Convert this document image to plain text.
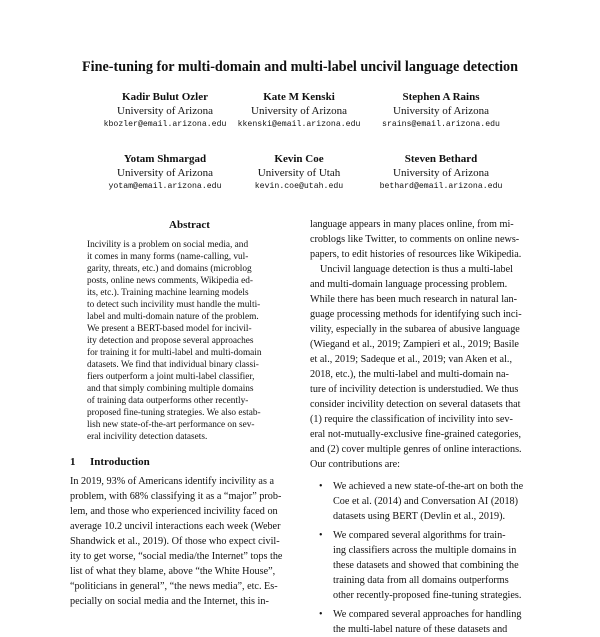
Fine-tuning for multi-domain and multi-label uncivil language detection
Kadir Bulut Ozler
University of Arizona
kbozler@email.arizona.edu
Kate M Kenski
University of Arizona
kkenski@email.arizona.edu
Stephen A Rains
University of Arizona
srains@email.arizona.edu
Yotam Shmargad
University of Arizona
yotam@email.arizona.edu
Kevin Coe
University of Utah
kevin.coe@utah.edu
Steven Bethard
University of Arizona
bethard@email.arizona.edu
Abstract
Incivility is a problem on social media, and
it comes in many forms (name-calling, vul-
garity, threats, etc.) and domains (microblog
posts, online news comments, Wikipedia ed-
its, etc.). Training machine learning models
to detect such incivility must handle the multi-
label and multi-domain nature of the problem.
We present a BERT-based model for incivil-
ity detection and propose several approaches
for training it for multi-label and multi-domain
datasets. We find that individual binary classi-
fiers outperform a joint multi-label classifier,
and that simply combining multiple domains
of training data outperforms other recently-
proposed fine-tuning strategies. We also estab-
lish new state-of-the-art performance on sev-
eral incivility detection datasets.
1 Introduction
In 2019, 93% of Americans identify incivility as a
problem, with 68% classifying it as a “major” prob-
lem, and those who experienced incivility faced on
average 10.2 uncivil interactions each week (Weber
Shandwick et al., 2019). Of those who expect civil-
ity to get worse, “social media/the Internet” tops the
list of what they blame, above “the White House”,
“politicians in general”, “the news media”, etc. Es-
pecially on social media and the Internet, this in-
language appears in many places online, from mi-
croblogs like Twitter, to comments on online news-
papers, to edit histories of resources like Wikipedia.
Uncivil language detection is thus a multi-label
and multi-domain language processing problem.
While there has been much research in natural lan-
guage processing methods for identifying such inci-
vility, especially in the subarea of abusive language
(Wiegand et al., 2019; Zampieri et al., 2019; Basile
et al., 2019; Sadeque et al., 2019; van Aken et al.,
2018, etc.), the multi-label and multi-domain na-
ture of incivility detection is understudied. We thus
consider incivility detection on several datasets that
(1) require the classification of incivility into sev-
eral not-mutually-exclusive fine-grained categories,
and (2) cover multiple genres of online interactions.
Our contributions are:
• We achieved a new state-of-the-art on both the
Coe et al. (2014) and Conversation AI (2018)
datasets using BERT (Devlin et al., 2019).
• We compared several algorithms for train-
ing classifiers across the multiple domains in
these datasets and showed that combining the
training data from all domains outperforms
other recently-proposed fine-tuning strategies.
• We compared several approaches for handling
the multi-label nature of these datasets and
